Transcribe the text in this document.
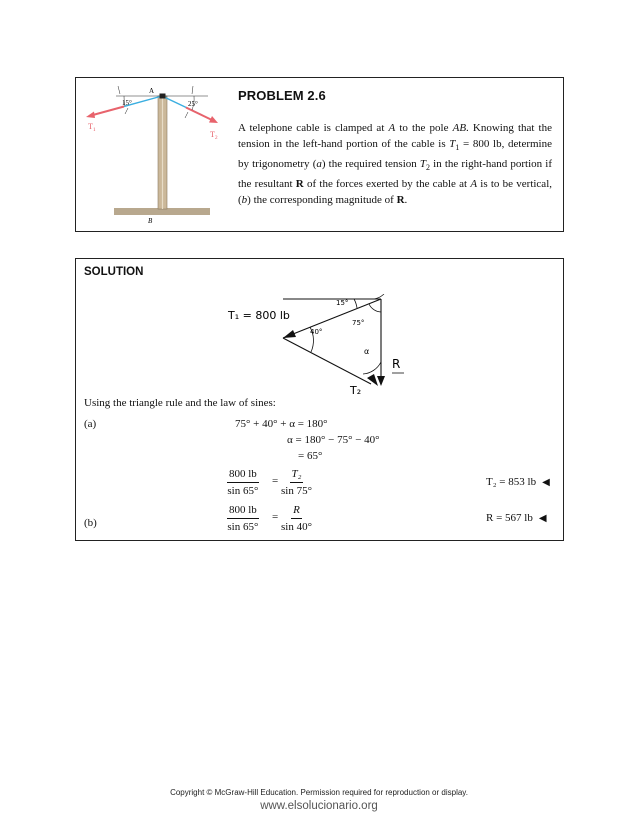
A
B
15°	25°
$T_1$	$T_2$
PROBLEM 2.6
A telephone cable is clamped at A to the pole AB. Knowing that the tension in the left-hand portion of the cable is $T_1 = 800$ lb, determine by trigonometry (a) the required tension $T_2$ in the right-hand portion if the resultant R of the forces exerted by the cable at A is to be vertical, (b) the corresponding magnitude of R.
SOLUTION
T₁ = 800 lb
15°
75°
40°
α
R
T₂
Using the triangle rule and the law of sines:
(a)	75° + 40° + α = 180°
α = 180° − 75° − 40°
= 65°
$\frac{800 lb}{\sin 65^\circ} = \frac{\text{T₂}}{\sin 75^\circ}$	T₂ = 853 lb ◀
(b)	$\frac{800 lb}{\sin 65^\circ} = \frac{R}{\sin 40^\circ}$	R = 567 lb ◀
Copyright © McGraw-Hill Education. Permission required for reproduction or display.
www.elsolucionario.org
